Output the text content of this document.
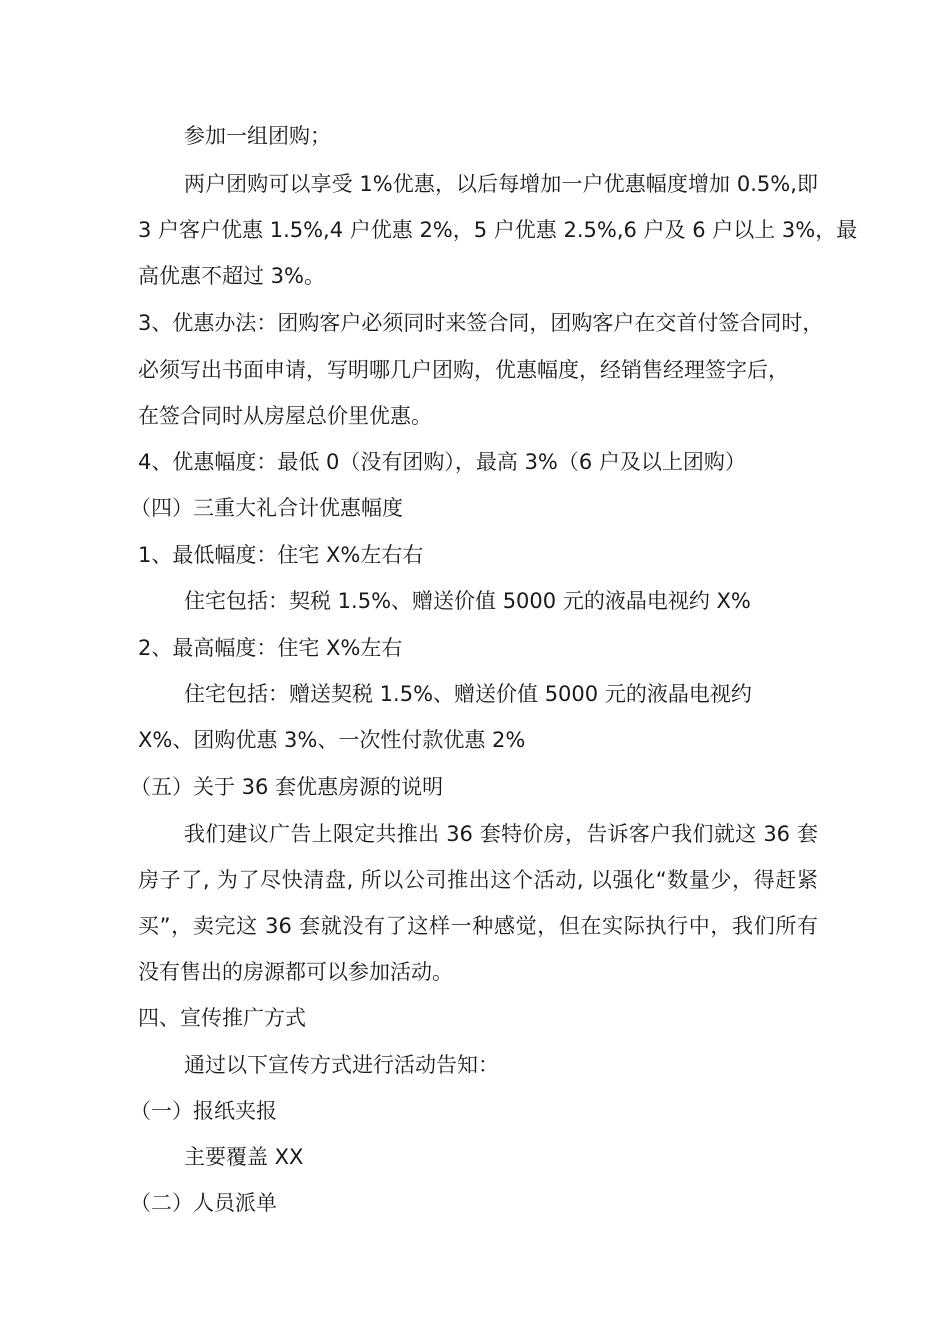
参加一组团购；
两户团购可以享受 1%优惠，以后每增加一户优惠幅度增加 0.5%,即
3 户客户优惠 1.5%,4 户优惠 2%，5 户优惠 2.5%,6 户及 6 户以上 3%，最
高优惠不超过 3%。
3、优惠办法：团购客户必须同时来签合同，团购客户在交首付签合同时，
必须写出书面申请，写明哪几户团购，优惠幅度，经销售经理签字后，
在签合同时从房屋总价里优惠。
4、优惠幅度：最低 0（没有团购），最高 3%（6 户及以上团购）
（四）三重大礼合计优惠幅度
1、最低幅度：住宅 X%左右右
住宅包括：契税 1.5%、赠送价值 5000 元的液晶电视约 X%
2、最高幅度：住宅 X%左右
住宅包括：赠送契税 1.5%、赠送价值 5000 元的液晶电视约
X%、团购优惠 3%、一次性付款优惠 2%
（五）关于 36 套优惠房源的说明
我们建议广告上限定共推出 36 套特价房，告诉客户我们就这 36 套
房子了, 为了尽快清盘, 所以公司推出这个活动, 以强化“数量少，得赶紧
买”，卖完这 36 套就没有了这样一种感觉，但在实际执行中，我们所有
没有售出的房源都可以参加活动。
四、宣传推广方式
通过以下宣传方式进行活动告知：
（一）报纸夹报
主要覆盖 XX
（二）人员派单
